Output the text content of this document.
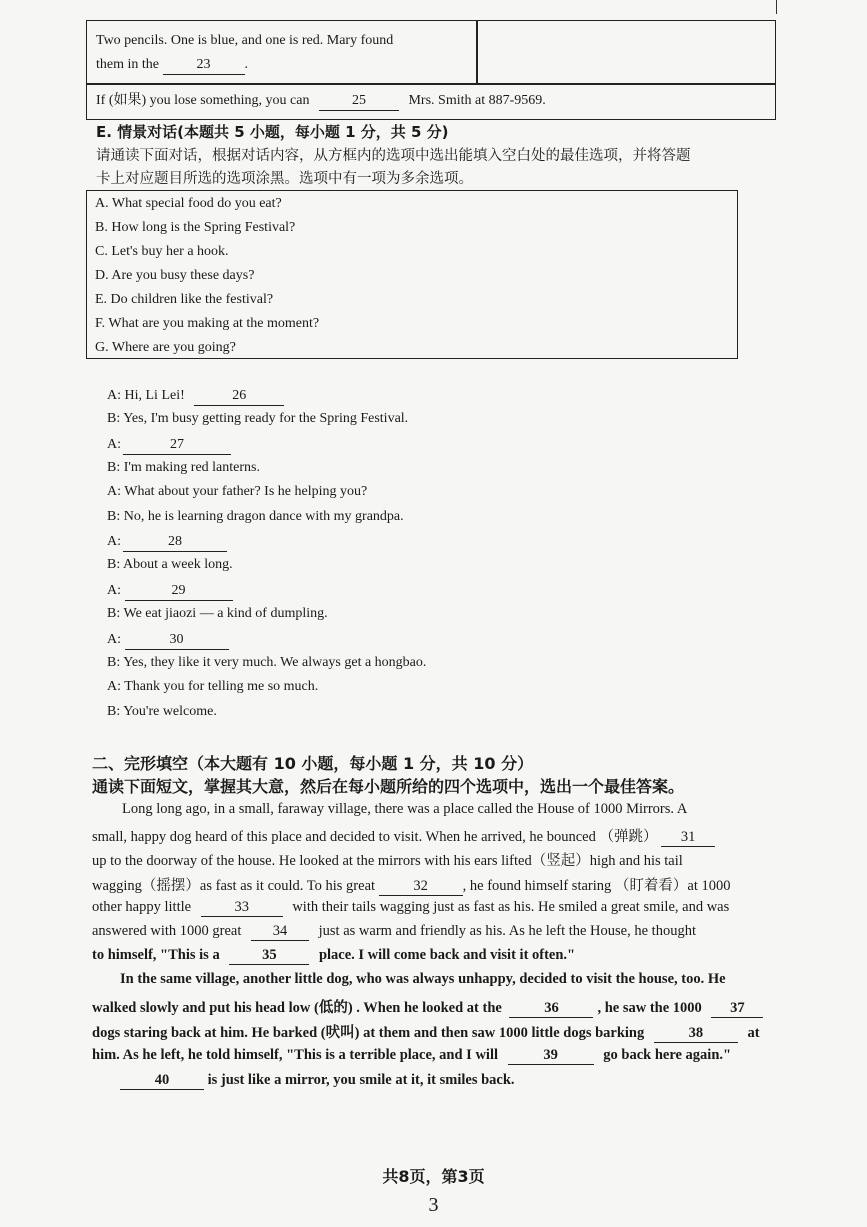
Two pencils. One is blue, and one is red. Mary found
them in the	23 .
If (如果) you lose something, you can	25	Mrs. Smith at 887-9569.
E. 情景对话(本题共 5 小题，每小题 1 分，共 5 分)
请通读下面对话，根据对话内容，从方框内的选项中选出能填入空白处的最佳选项，并将答题
卡上对应题目所选的选项涂黑。选项中有一项为多余选项。
A. What special food do you eat?
B. How long is the Spring Festival?
C. Let's buy her a hook.
D. Are you busy these days?
E. Do children like the festival?
F. What are you making at the moment?
G. Where are you going?
A: Hi, Li Lei!	26
B: Yes, I'm busy getting ready for the Spring Festival.
A:	27
B: I'm making red lanterns.
A: What about your father? Is he helping you?
B: No, he is learning dragon dance with my grandpa.
A:	28
B: About a week long.
A:	29
B: We eat jiaozi — a kind of dumpling.
A:	30
B: Yes, they like it very much. We always get a hongbao.
A: Thank you for telling me so much.
B: You're welcome.
二、完形填空（本大题有 10 小题，每小题 1 分，共 10 分）
通读下面短文，掌握其大意，然后在每小题所给的四个选项中，选出一个最佳答案。
Long long ago, in a small, faraway village, there was a place called the House of 1000 Mirrors. A
small, happy dog heard of this place and decided to visit. When he arrived, he bounced （弹跳） 31
up to the doorway of the house. He looked at the mirrors with his ears lifted（竖起）high and his tail
wagging（摇摆）as fast as it could. To his great	32 , he found himself staring （盯着看）at 1000
other happy little	33	with their tails wagging just as fast as his. He smiled a great smile, and was
answered with 1000 great 34 just as warm and friendly as his. As he left the House, he thought
to himself, "This is a	35	place. I will come back and visit it often."
In the same village, another little dog, who was always unhappy, decided to visit the house, too. He
walked slowly and put his head low (低的) . When he looked at the	36	, he saw the 1000 37
dogs staring back at him. He barked (吠叫) at them and then saw 1000 little dogs barking	38	at
him. As he left, he told himself, "This is a terrible place, and I will	39	go back here again."
40	is just like a mirror, you smile at it, it smiles back.
共8页，第3页
3
